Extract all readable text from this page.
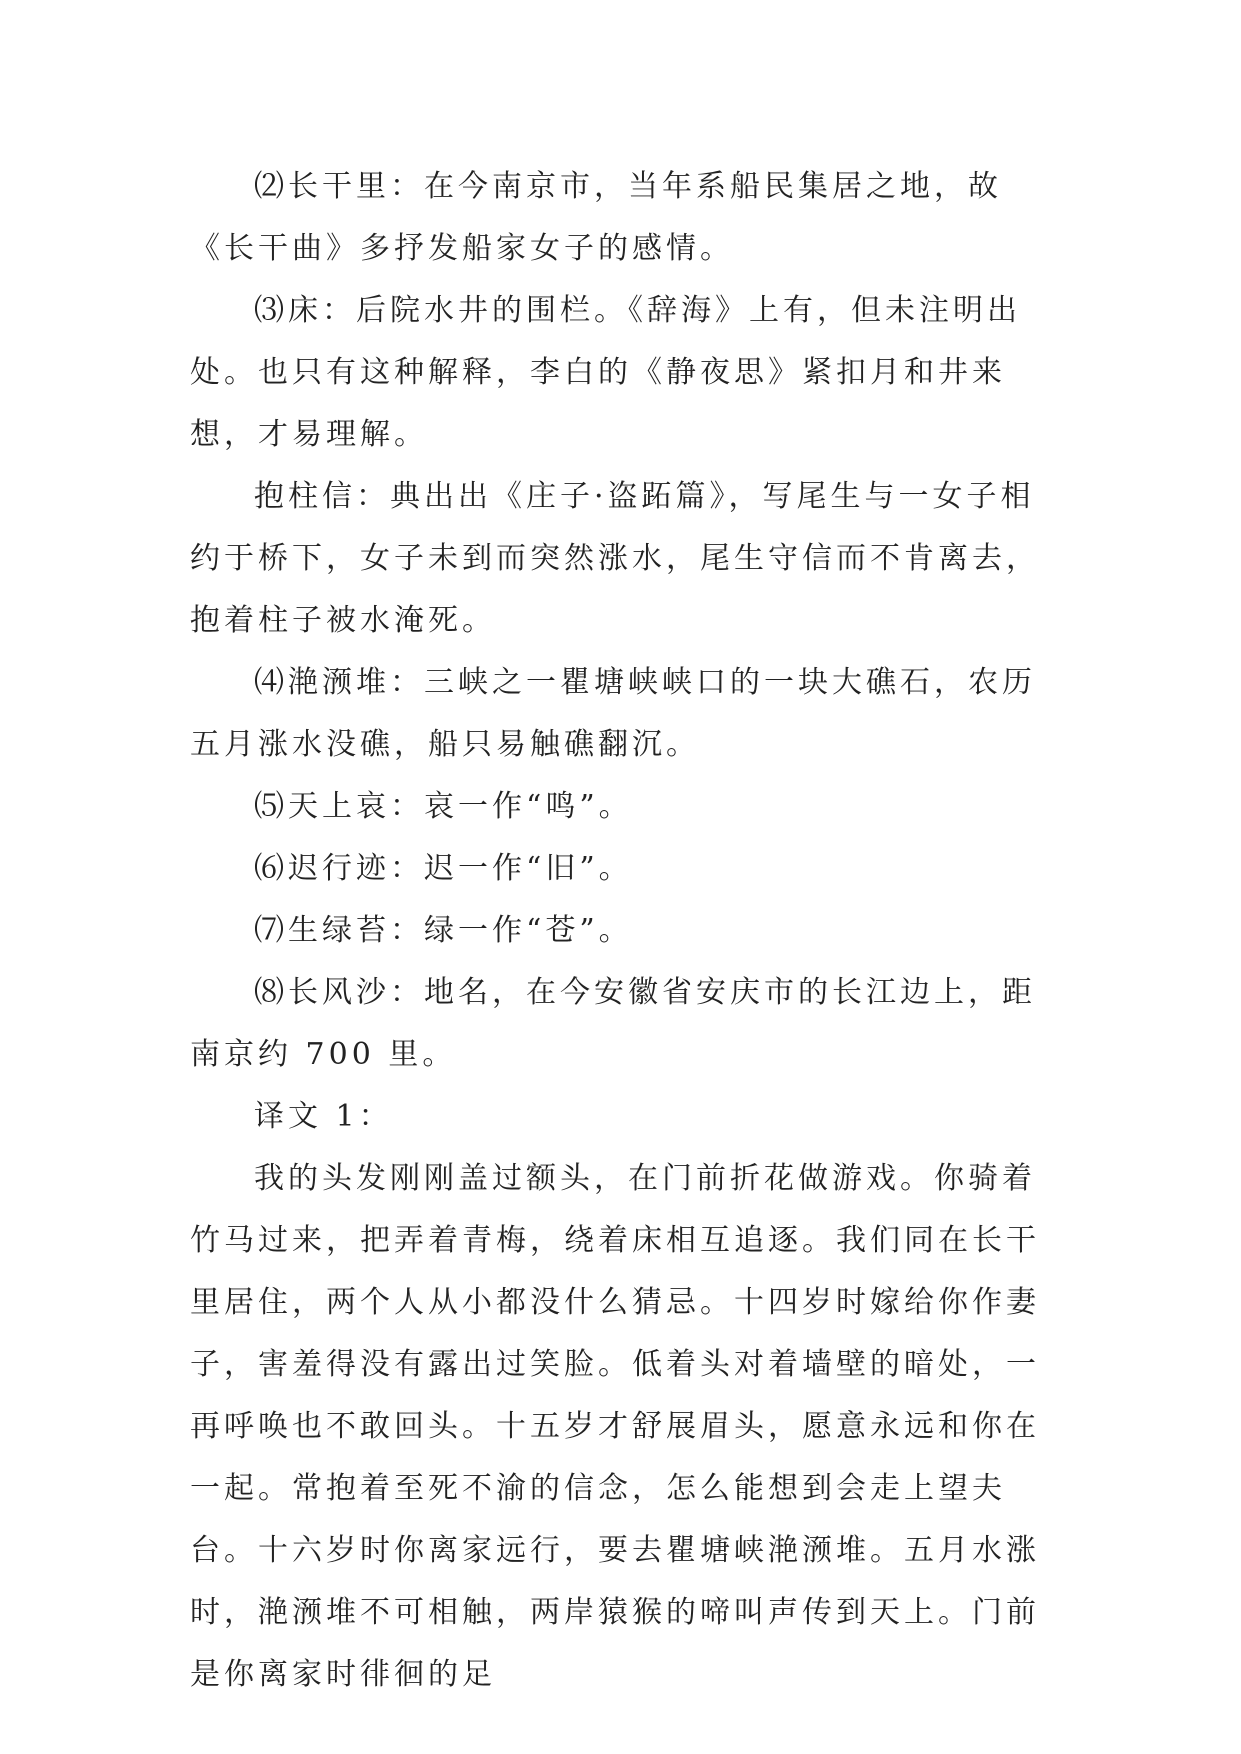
⑵长干里：在今南京市，当年系船民集居之地，故《长干曲》多抒发船家女子的感情。

⑶床：后院水井的围栏。《辞海》上有，但未注明出处。也只有这种解释，李白的《静夜思》紧扣月和井来想，才易理解。

抱柱信：典出出《庄子·盗跖篇》，写尾生与一女子相约于桥下，女子未到而突然涨水，尾生守信而不肯离去，抱着柱子被水淹死。

⑷滟滪堆：三峡之一瞿塘峡峡口的一块大礁石，农历五月涨水没礁，船只易触礁翻沉。

⑸天上哀：哀一作“鸣”。

⑹迟行迹：迟一作“旧”。

⑺生绿苔：绿一作“苍”。

⑻长风沙：地名，在今安徽省安庆市的长江边上，距南京约 700 里。

译文 1：

我的头发刚刚盖过额头，在门前折花做游戏。你骑着竹马过来，把弄着青梅，绕着床相互追逐。我们同在长干里居住，两个人从小都没什么猜忌。十四岁时嫁给你作妻子，害羞得没有露出过笑脸。低着头对着墙壁的暗处，一再呼唤也不敢回头。十五岁才舒展眉头，愿意永远和你在一起。常抱着至死不渝的信念，怎么能想到会走上望夫台。十六岁时你离家远行，要去瞿塘峡滟滪堆。五月水涨时，滟滪堆不可相触，两岸猿猴的啼叫声传到天上。门前是你离家时徘徊的足
